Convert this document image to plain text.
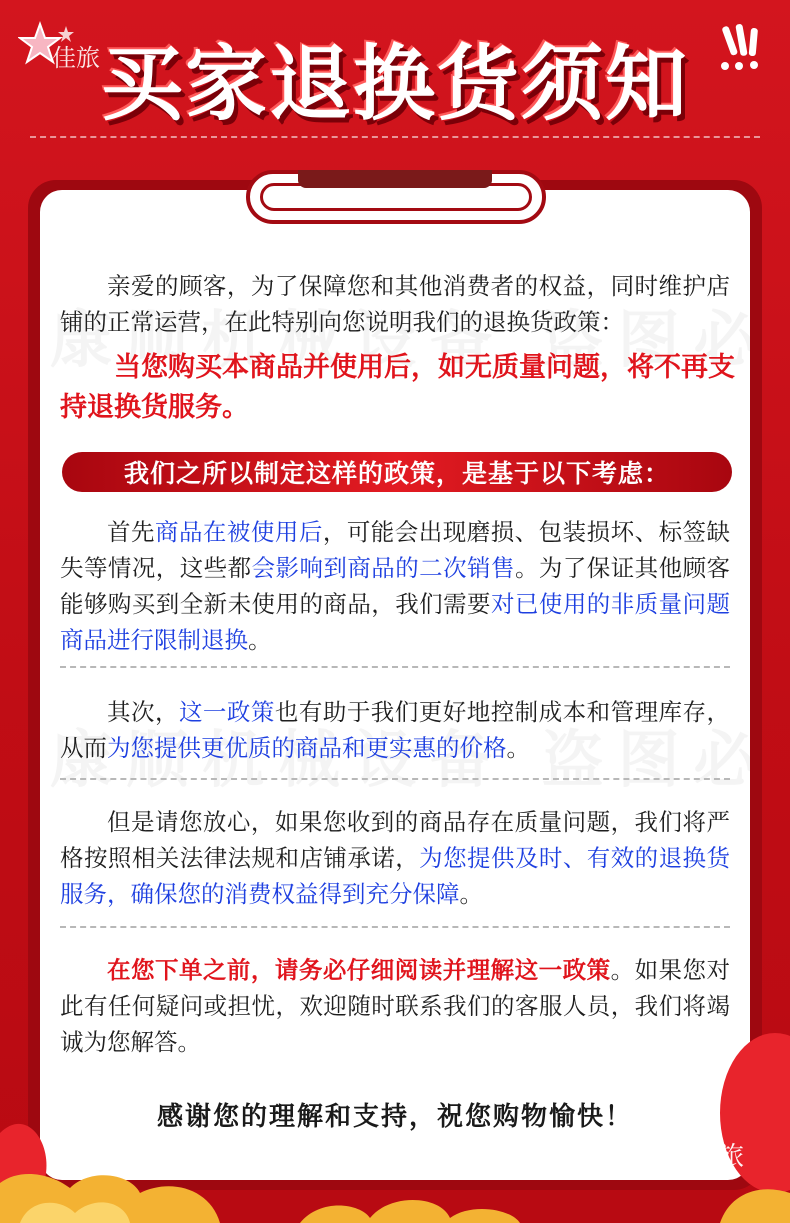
佳旅 买家退换货须知

亲爱的顾客，为了保障您和其他消费者的权益，同时维护店铺的正常运营，在此特别向您说明我们的退换货政策：

当您购买本商品并使用后，如无质量问题，将不再支持退换货服务。

我们之所以制定这样的政策，是基于以下考虑：

首先商品在被使用后，可能会出现磨损、包装损坏、标签缺失等情况，这些都会影响到商品的二次销售。为了保证其他顾客能够购买到全新未使用的商品，我们需要对已使用的非质量问题商品进行限制退换。

其次，这一政策也有助于我们更好地控制成本和管理库存，从而为您提供更优质的商品和更实惠的价格。

但是请您放心，如果您收到的商品存在质量问题，我们将严格按照相关法律法规和店铺承诺，为您提供及时、有效的退换货服务，确保您的消费权益得到充分保障。

在您下单之前，请务必仔细阅读并理解这一政策。如果您对此有任何疑问或担忧，欢迎随时联系我们的客服人员，我们将竭诚为您解答。

感谢您的理解和支持，祝您购物愉快！
佳旅
